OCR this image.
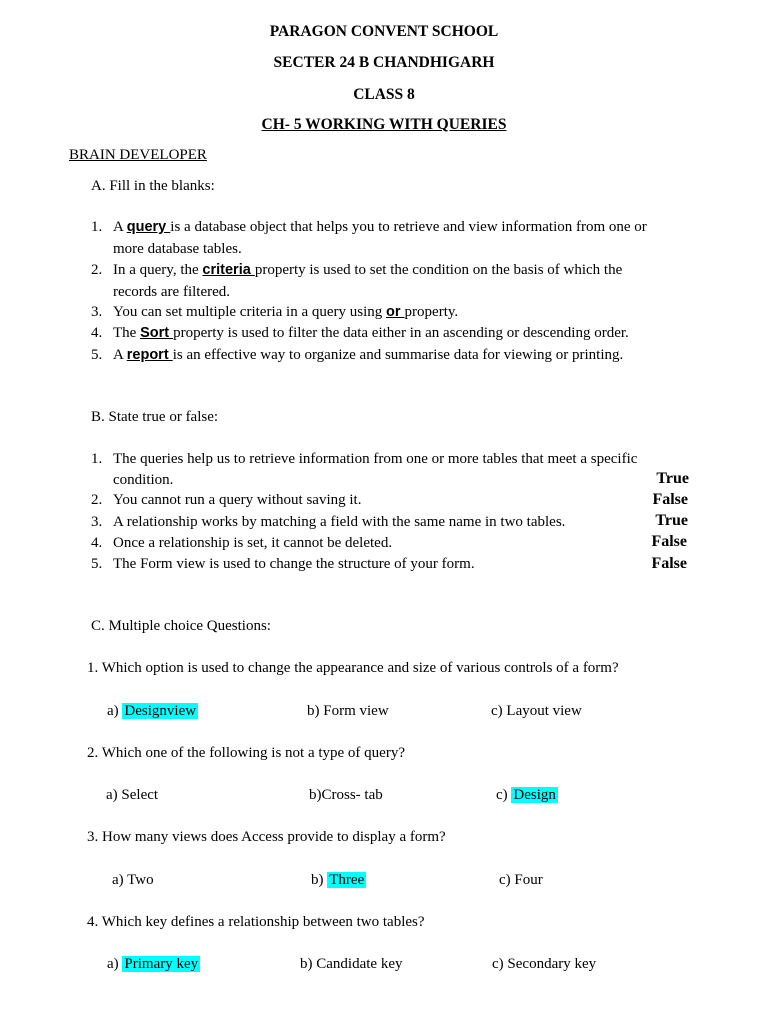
PARAGON CONVENT SCHOOL
SECTER 24 B CHANDHIGARH
CLASS 8
CH- 5 WORKING WITH QUERIES
BRAIN DEVELOPER
A. Fill in the blanks:
1. A query is a database object that helps you to retrieve and view information from one or
more database tables.
2. In a query, the criteria property is used to set the condition on the basis of which the
records are filtered.
3. You can set multiple criteria in a query using or property.
4. The Sort property is used to filter the data either in an ascending or descending order.
5. A report is an effective way to organize and summarise data for viewing or printing.
B. State true or false:
1. The queries help us to retrieve information from one or more tables that meet a specific
condition.	True
2. You cannot run a query without saving it.	False
3. A relationship works by matching a field with the same name in two tables.	True
4. Once a relationship is set, it cannot be deleted.	False
5. The Form view is used to change the structure of your form.	False
C. Multiple choice Questions:
1. Which option is used to change the appearance and size of various controls of a form?
a) Designview	b) Form view	c) Layout view
2. Which one of the following is not a type of query?
a) Select	b)Cross- tab	c) Design
3. How many views does Access provide to display a form?
a) Two	b) Three	c) Four
4. Which key defines a relationship between two tables?
a) Primary key	b) Candidate key	c) Secondary key
